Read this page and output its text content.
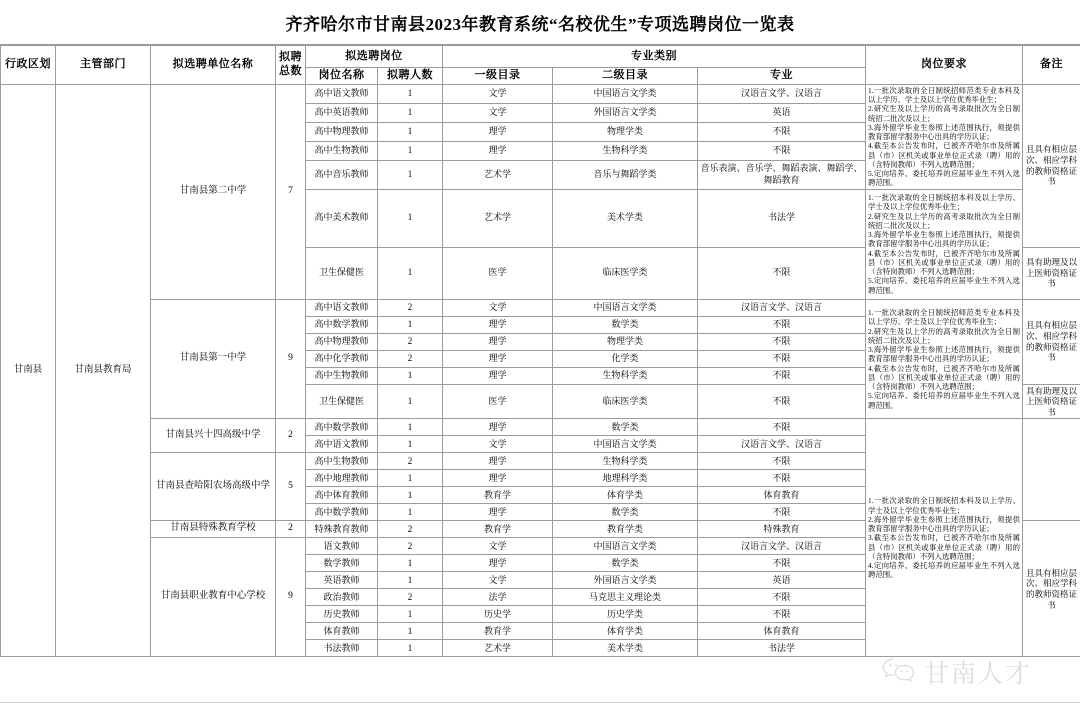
齐齐哈尔市甘南县2023年教育系统“名校优生”专项选聘岗位一览表
行政区划	主管部门	拟选聘单位名称	拟聘
总数	拟选聘岗位		专业类别			岗位要求	备注
				岗位名称	拟聘人数	一级目录	二级目录	专业		
甘南县	甘南县教育局	甘南县第二中学	7	高中语文教师	1	文学	中国语言文学类	汉语言文学、汉语言	1.一批次录取的全日制统招师范类专业本科及以上学历、学士及以上学位优秀毕业生；

2.研究生及以上学历的高考录取批次为全日制统招二批次及以上；

3.海外留学毕业生参照上述范围执行，须提供教育部留学服务中心出具的学历认证；

4.截至本公告发布时，已被齐齐哈尔市及所属县（市）区机关或事业单位正式录（聘）用的（含特岗教师）不列入选聘范围；

5.定向培养、委托培养的应届毕业生不列入选聘范围。	且具有相应层次、相应学科的教师资格证书
				高中英语教师	1	文学	外国语言文学类	英语		
				高中物理教师	1	理学	物理学类	不限		
				高中生物教师	1	理学	生物科学类	不限		
				高中音乐教师	1	艺术学	音乐与舞蹈学类	音乐表演、音乐学、舞蹈表演、舞蹈学、舞蹈教育		
				高中美术教师	1	艺术学	美术学类	书法学	1.一批次录取的全日制统招本科及以上学历、学士及以上学位优秀毕业生；

2.研究生及以上学历的高考录取批次为全日制统招二批次及以上；

3.海外留学毕业生参照上述范围执行，须提供教育部留学服务中心出具的学历认证；

4.截至本公告发布时，已被齐齐哈尔市及所属县（市）区机关或事业单位正式录（聘）用的（含特岗教师）不列入选聘范围；

5.定向培养、委托培养的应届毕业生不列入选聘范围。	

				卫生保健医	1	医学	临床医学类	不限		具有助理及以上医师资格证书
		甘南县第一中学	9	高中语文教师	2	文学	中国语言文学类	汉语言文学、汉语言	1.一批次录取的全日制统招师范类专业本科及以上学历、学士及以上学位优秀毕业生；

2.研究生及以上学历的高考录取批次为全日制统招二批次及以上；

3.海外留学毕业生参照上述范围执行，须提供教育部留学服务中心出具的学历认证；

4.截至本公告发布时，已被齐齐哈尔市及所属县（市）区机关或事业单位正式录（聘）用的（含特岗教师）不列入选聘范围；

5.定向培养、委托培养的应届毕业生不列入选聘范围。	且具有相应层次、相应学科的教师资格证书
				高中数学教师	1	理学	数学类	不限		
				高中物理教师	2	理学	物理学类	不限		
				高中化学教师	2	理学	化学类	不限		
				高中生物教师	1	理学	生物科学类	不限		
				卫生保健医	1	医学	临床医学类	不限		具有助理及以上医师资格证书
		甘南县兴十四高级中学	2	高中数学教师	1	理学	数学类	不限	1.一批次录取的全日制统招本科及以上学历、学士及以上学位优秀毕业生；

2.海外留学毕业生参照上述范围执行，须提供教育部留学服务中心出具的学历认证；

3.截至本公告发布时，已被齐齐哈尔市及所属县（市）区机关或事业单位正式录（聘）用的（含特岗教师）不列入选聘范围；

4.定向培养、委托培养的应届毕业生不列入选聘范围。	

				高中语文教师	1	文学	中国语言文学类	汉语言文学、汉语言		
		甘南县查哈阳农场高级中学	5	高中生物教师	2	理学	生物科学类	不限		
				高中地理教师	1	理学	地理科学类	不限		
				高中体育教师	1	教育学	体育学类	体育教育		
				高中数学教师	1	理学	数学类	不限		
		甘南县特殊教育学校	2	特殊教育教师	2	教育学	教育学类	特殊教育		且具有相应层次、相应学科的教师资格证书
		甘南县职业教育中心学校	9	语文教师	2	文学	中国语言文学类	汉语言文学、汉语言		
				数学教师	1	理学	数学类	不限		
				英语教师	1	文学	外国语言文学类	英语		
				政治教师	2	法学	马克思主义理论类	不限		
				历史教师	1	历史学	历史学类	不限		
				体育教师	1	教育学	体育学类	体育教育		
				书法教师	1	艺术学	美术学类	书法学		
甘南人才
